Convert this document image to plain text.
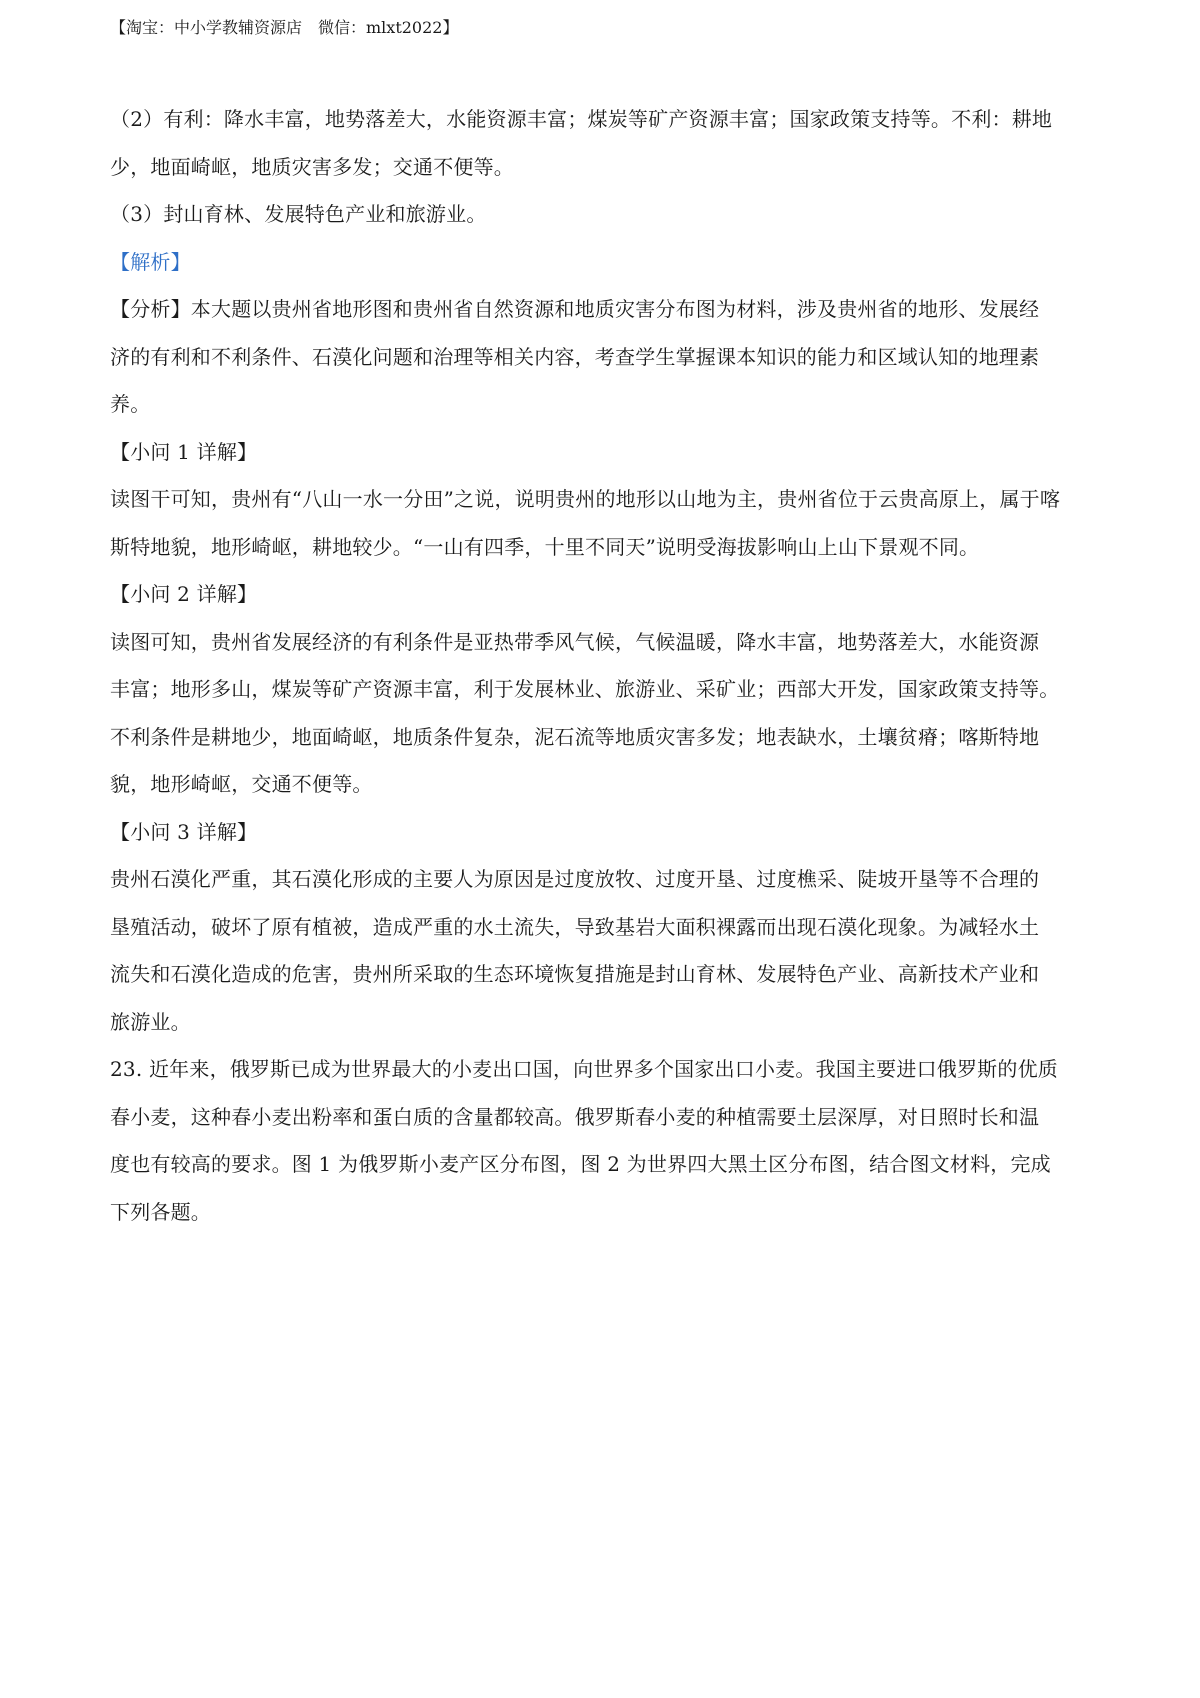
【淘宝：中小学教辅资源店　微信：mlxt2022】
（2）有利：降水丰富，地势落差大，水能资源丰富；煤炭等矿产资源丰富；国家政策支持等。不利：耕地
少，地面崎岖，地质灾害多发；交通不便等。
（3）封山育林、发展特色产业和旅游业。
【解析】
【分析】本大题以贵州省地形图和贵州省自然资源和地质灾害分布图为材料，涉及贵州省的地形、发展经
济的有利和不利条件、石漠化问题和治理等相关内容，考查学生掌握课本知识的能力和区域认知的地理素
养。
【小问 1 详解】
读图干可知，贵州有“八山一水一分田”之说，说明贵州的地形以山地为主，贵州省位于云贵高原上，属于喀
斯特地貌，地形崎岖，耕地较少。“一山有四季，十里不同天”说明受海拔影响山上山下景观不同。
【小问 2 详解】
读图可知，贵州省发展经济的有利条件是亚热带季风气候，气候温暖，降水丰富，地势落差大，水能资源
丰富；地形多山，煤炭等矿产资源丰富，利于发展林业、旅游业、采矿业；西部大开发，国家政策支持等。
不利条件是耕地少，地面崎岖，地质条件复杂，泥石流等地质灾害多发；地表缺水，土壤贫瘠；喀斯特地
貌，地形崎岖，交通不便等。
【小问 3 详解】
贵州石漠化严重，其石漠化形成的主要人为原因是过度放牧、过度开垦、过度樵采、陡坡开垦等不合理的
垦殖活动，破坏了原有植被，造成严重的水土流失，导致基岩大面积裸露而出现石漠化现象。为减轻水土
流失和石漠化造成的危害，贵州所采取的生态环境恢复措施是封山育林、发展特色产业、高新技术产业和
旅游业。
23. 近年来，俄罗斯已成为世界最大的小麦出口国，向世界多个国家出口小麦。我国主要进口俄罗斯的优质
春小麦，这种春小麦出粉率和蛋白质的含量都较高。俄罗斯春小麦的种植需要土层深厚，对日照时长和温
度也有较高的要求。图 1 为俄罗斯小麦产区分布图，图 2 为世界四大黑土区分布图，结合图文材料，完成
下列各题。
